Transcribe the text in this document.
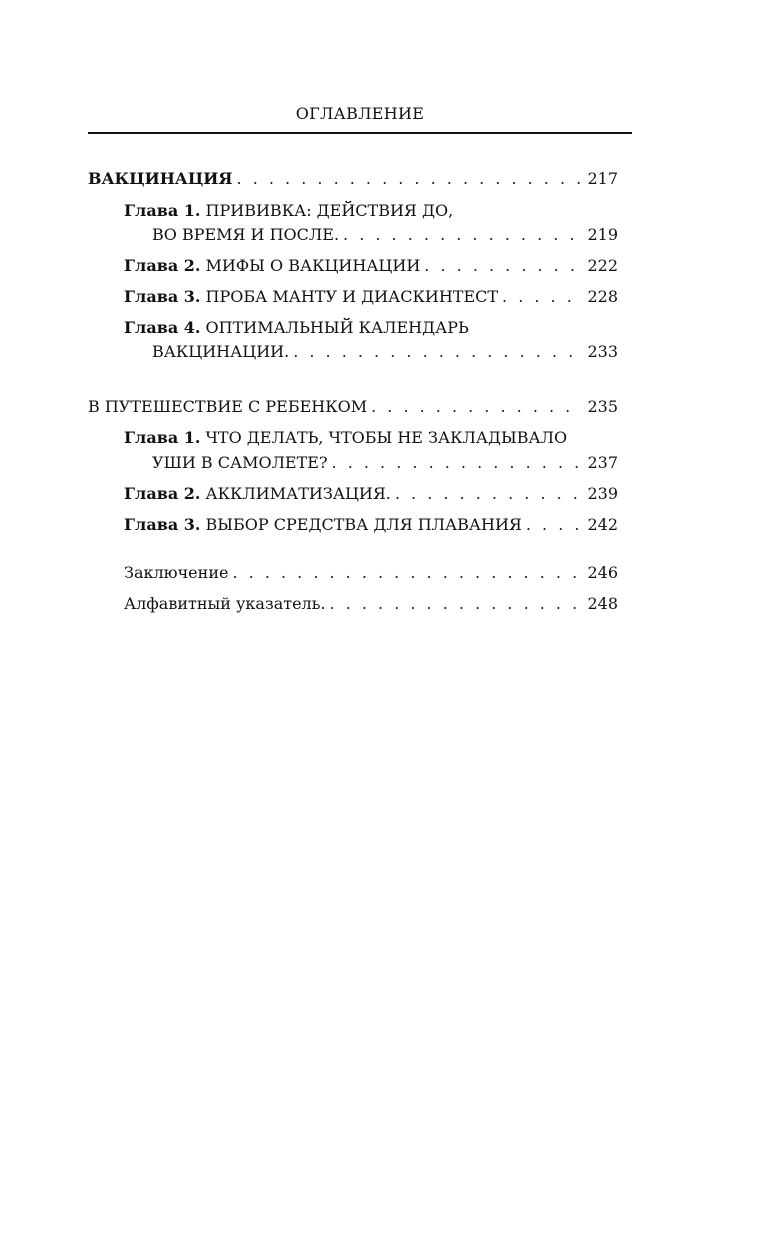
ОГЛАВЛЕНИЕ
ВАКЦИНАЦИЯ . . .	217
Глава 1. ПРИВИВКА: ДЕЙСТВИЯ ДО,
ВО ВРЕМЯ И ПОСЛЕ. . . .	219
Глава 2. МИФЫ О ВАКЦИНАЦИИ . . .	222
Глава 3. ПРОБА МАНТУ И ДИАСКИНТЕСТ . . .	228
Глава 4. ОПТИМАЛЬНЫЙ КАЛЕНДАРЬ
ВАКЦИНАЦИИ. . . .	233
В ПУТЕШЕСТВИЕ С РЕБЕНКОМ . . .	235
Глава 1. ЧТО ДЕЛАТЬ, ЧТОБЫ НЕ ЗАКЛАДЫВАЛО
УШИ В САМОЛЕТЕ? . . .	237
Глава 2. АККЛИМАТИЗАЦИЯ. . . .	239
Глава 3. ВЫБОР СРЕДСТВА ДЛЯ ПЛАВАНИЯ . . .	242
Заключение . . .	246
Алфавитный указатель. . . .	248
